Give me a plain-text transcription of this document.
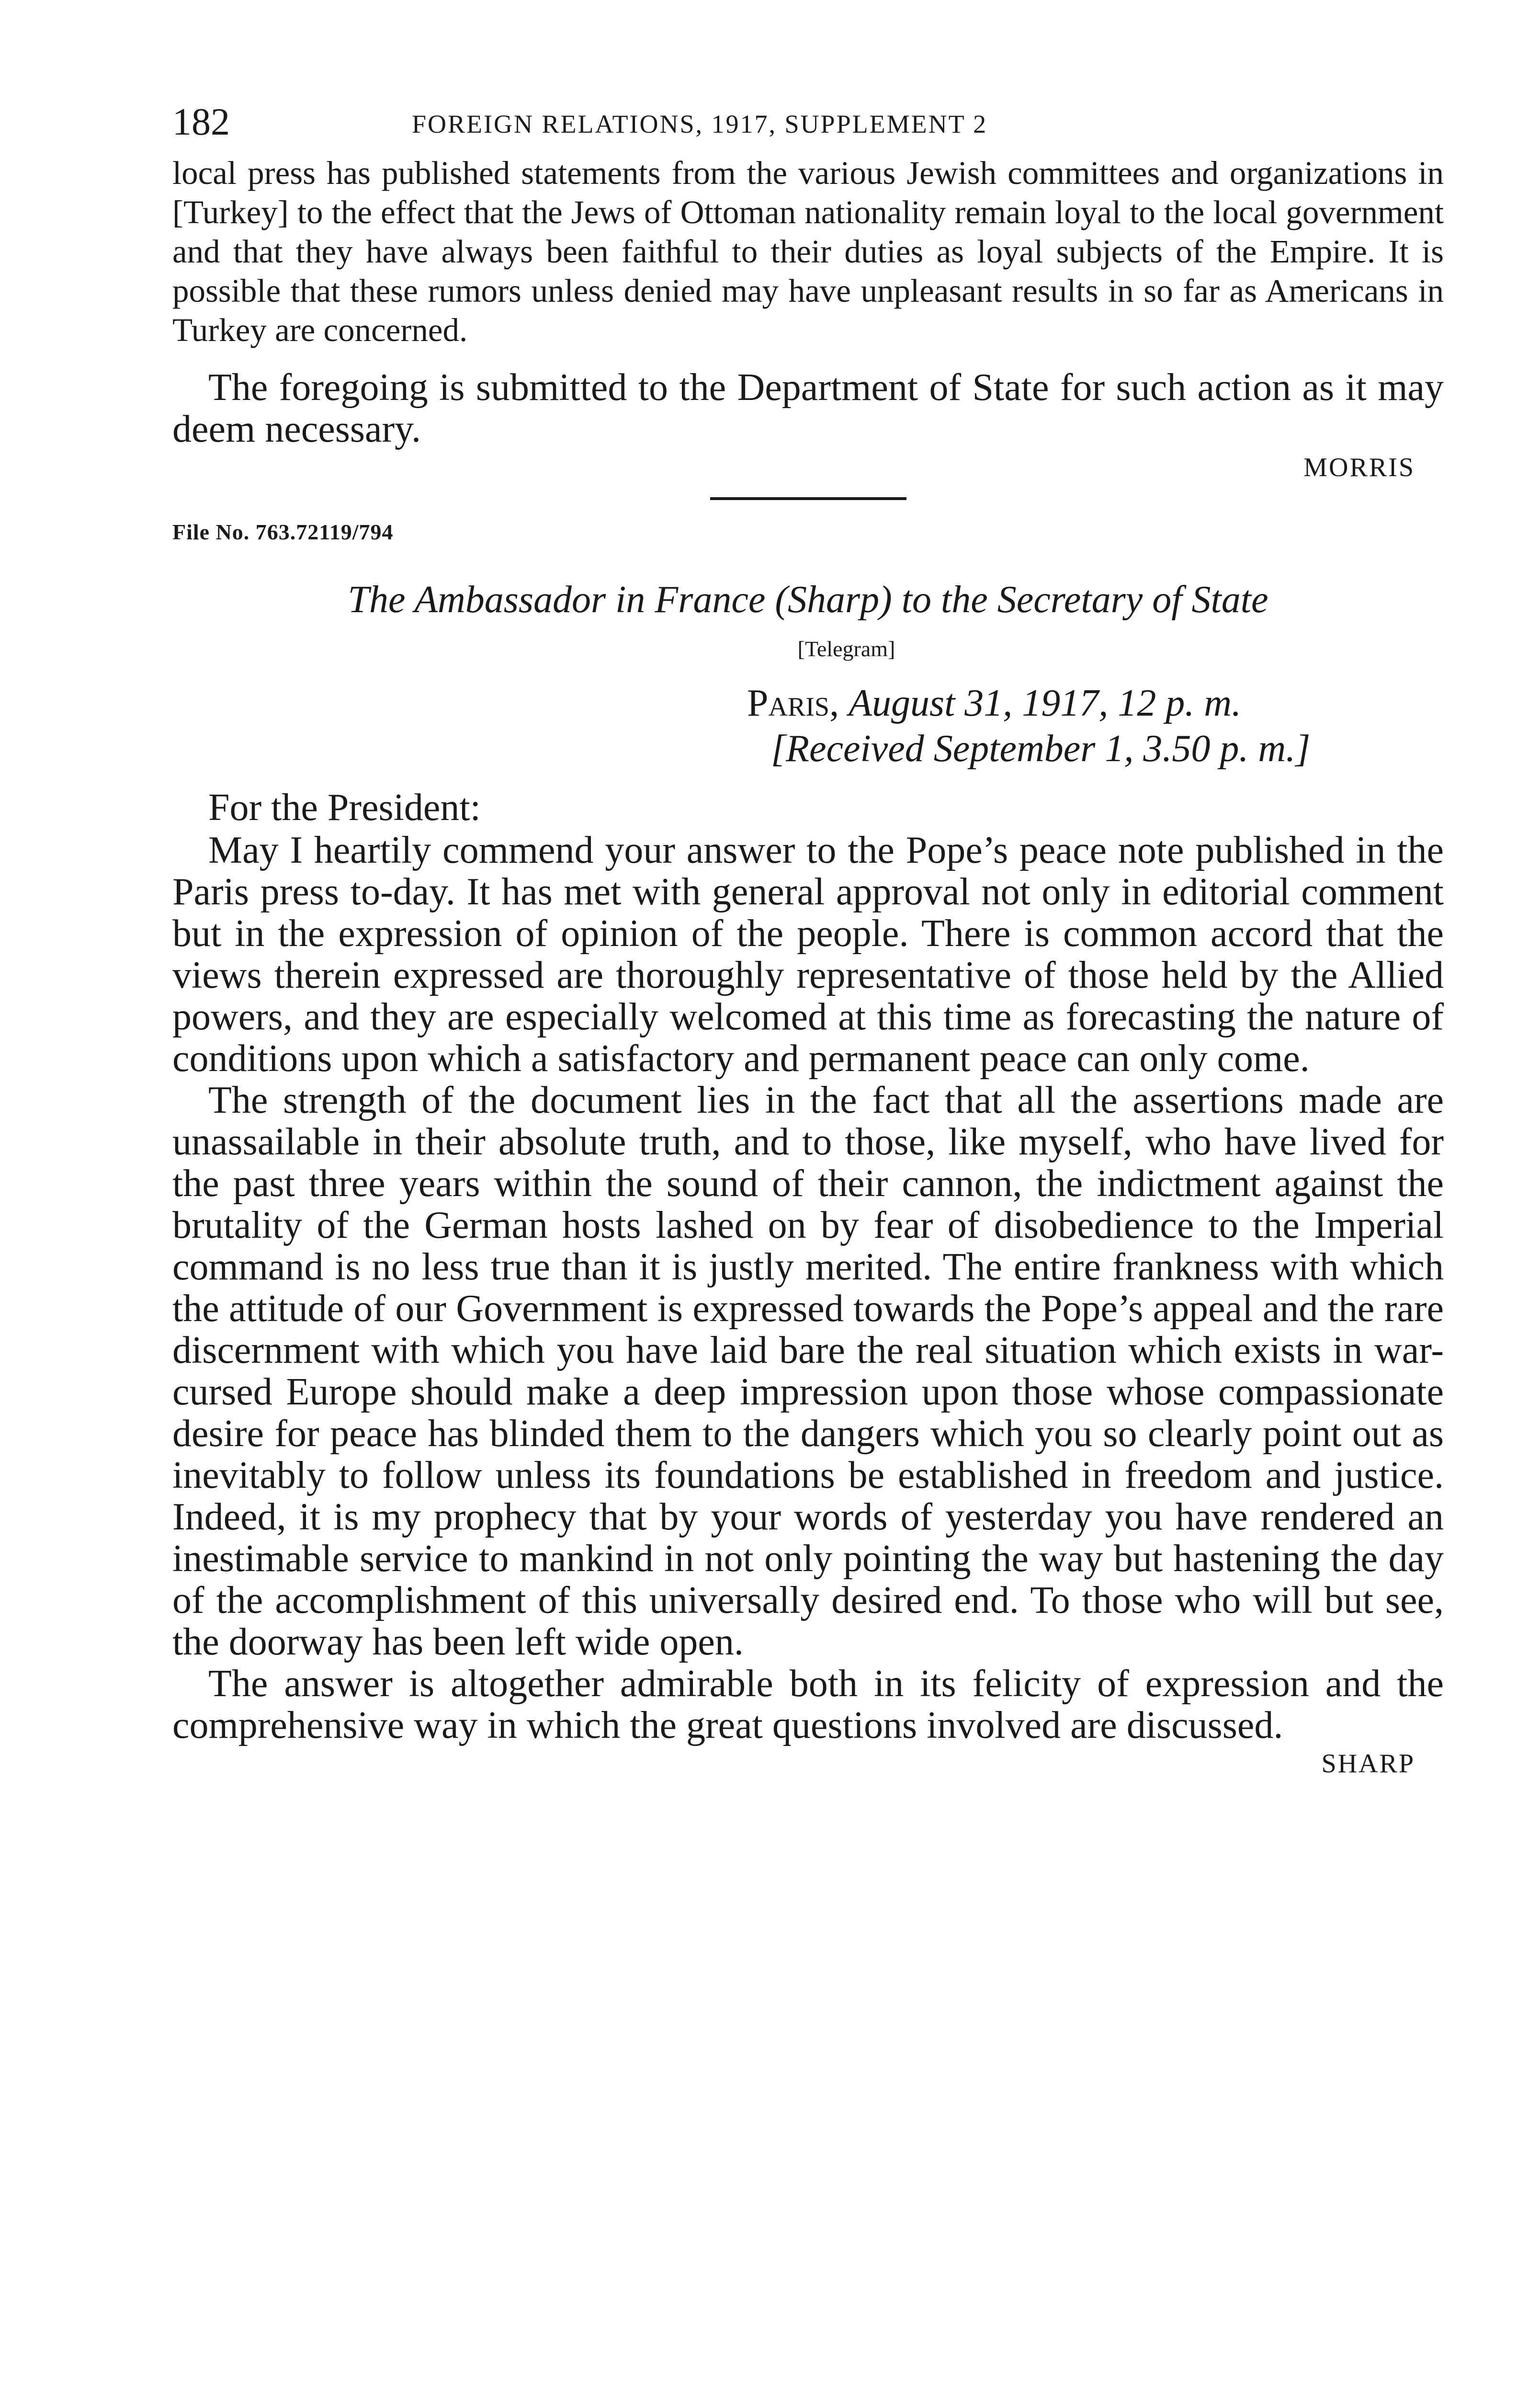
182	FOREIGN RELATIONS, 1917, SUPPLEMENT 2

local press has published statements from the various Jewish committees and organizations in [Turkey] to the effect that the Jews of Ottoman nationality remain loyal to the local government and that they have always been faithful to their duties as loyal subjects of the Empire. It is possible that these rumors unless denied may have unpleasant results in so far as Americans in Turkey are concerned.

The foregoing is submitted to the Department of State for such action as it may deem necessary.

MORRIS
File No. 763.72119/794
The Ambassador in France (Sharp) to the Secretary of State
[Telegram]
Paris, August 31, 1917, 12 p. m.
[Received September 1, 3.50 p. m.]
For the President:

May I heartily commend your answer to the Pope’s peace note published in the Paris press to-day. It has met with general approval not only in editorial comment but in the expression of opinion of the people. There is common accord that the views therein expressed are thoroughly representative of those held by the Allied powers, and they are especially welcomed at this time as forecasting the nature of conditions upon which a satisfactory and permanent peace can only come.

The strength of the document lies in the fact that all the assertions made are unassailable in their absolute truth, and to those, like myself, who have lived for the past three years within the sound of their cannon, the indictment against the brutality of the German hosts lashed on by fear of disobedience to the Imperial command is no less true than it is justly merited. The entire frankness with which the attitude of our Government is expressed towards the Pope’s appeal and the rare discernment with which you have laid bare the real situation which exists in war-cursed Europe should make a deep impression upon those whose compassionate desire for peace has blinded them to the dangers which you so clearly point out as inevitably to follow unless its foundations be established in freedom and justice. Indeed, it is my prophecy that by your words of yesterday you have rendered an inestimable service to mankind in not only pointing the way but hastening the day of the accomplishment of this universally desired end. To those who will but see, the doorway has been left wide open.

The answer is altogether admirable both in its felicity of expression and the comprehensive way in which the great questions involved are discussed.

SHARP
